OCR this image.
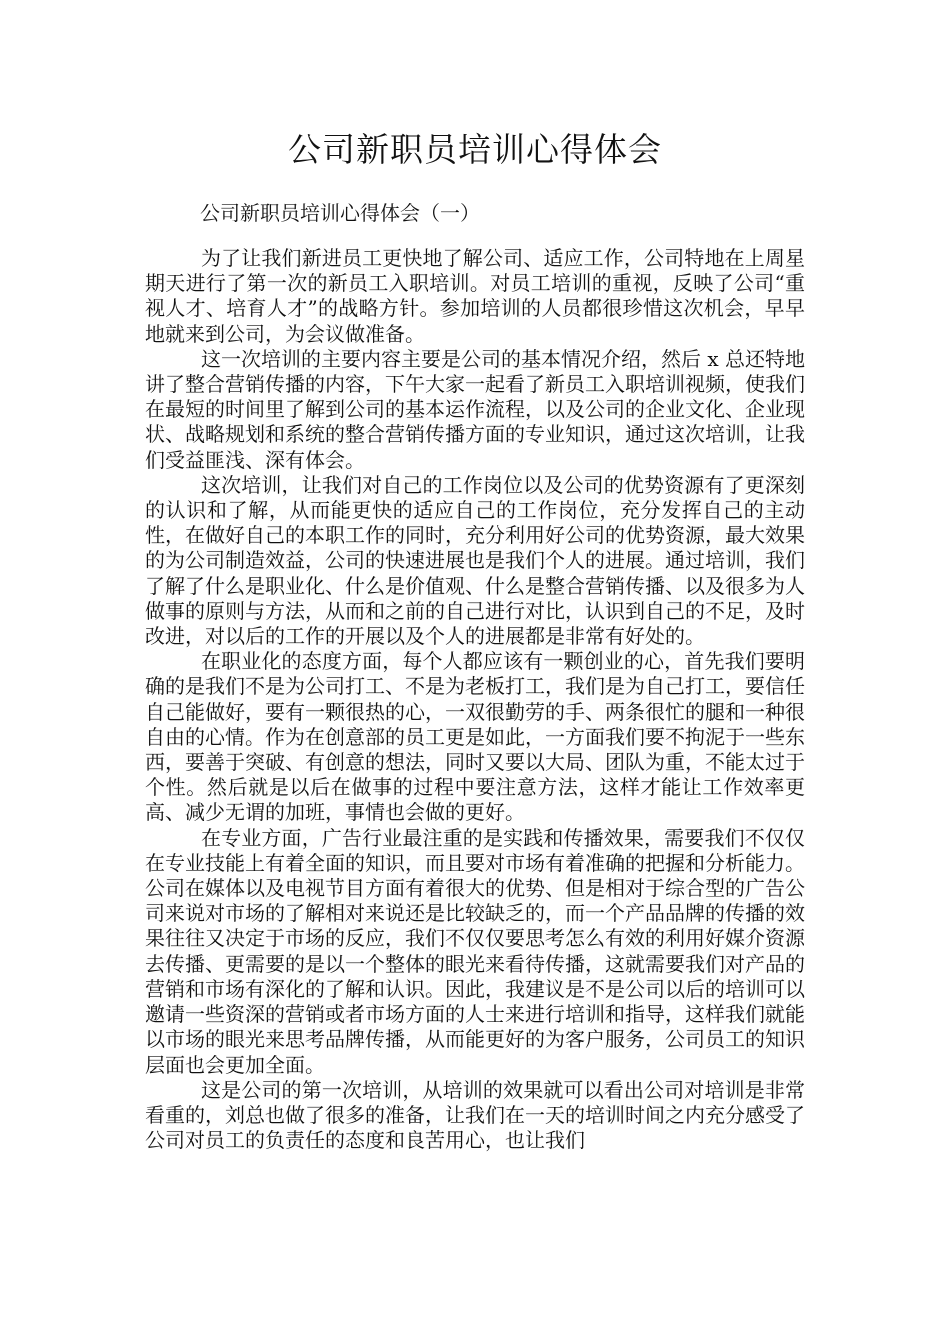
公司新职员培训心得体会
公司新职员培训心得体会（一）

为了让我们新进员工更快地了解公司、适应工作，公司特地在上周星期天进行了第一次的新员工入职培训。对员工培训的重视，反映了公司“重视人才、培育人才”的战略方针。参加培训的人员都很珍惜这次机会，早早地就来到公司，为会议做准备。

这一次培训的主要内容主要是公司的基本情况介绍，然后 x 总还特地讲了整合营销传播的内容，下午大家一起看了新员工入职培训视频，使我们在最短的时间里了解到公司的基本运作流程，以及公司的企业文化、企业现状、战略规划和系统的整合营销传播方面的专业知识，通过这次培训，让我们受益匪浅、深有体会。

这次培训，让我们对自己的工作岗位以及公司的优势资源有了更深刻的认识和了解，从而能更快的适应自己的工作岗位，充分发挥自己的主动性，在做好自己的本职工作的同时，充分利用好公司的优势资源，最大效果的为公司制造效益，公司的快速进展也是我们个人的进展。通过培训，我们了解了什么是职业化、什么是价值观、什么是整合营销传播、以及很多为人做事的原则与方法，从而和之前的自己进行对比，认识到自己的不足，及时改进，对以后的工作的开展以及个人的进展都是非常有好处的。

在职业化的态度方面，每个人都应该有一颗创业的心，首先我们要明确的是我们不是为公司打工、不是为老板打工，我们是为自己打工，要信任自己能做好，要有一颗很热的心，一双很勤劳的手、两条很忙的腿和一种很自由的心情。作为在创意部的员工更是如此，一方面我们要不拘泥于一些东西，要善于突破、有创意的想法，同时又要以大局、团队为重，不能太过于个性。然后就是以后在做事的过程中要注意方法，这样才能让工作效率更高、减少无谓的加班，事情也会做的更好。

在专业方面，广告行业最注重的是实践和传播效果，需要我们不仅仅在专业技能上有着全面的知识，而且要对市场有着准确的把握和分析能力。公司在媒体以及电视节目方面有着很大的优势、但是相对于综合型的广告公司来说对市场的了解相对来说还是比较缺乏的，而一个产品品牌的传播的效果往往又决定于市场的反应，我们不仅仅要思考怎么有效的利用好媒介资源去传播、更需要的是以一个整体的眼光来看待传播，这就需要我们对产品的营销和市场有深化的了解和认识。因此，我建议是不是公司以后的培训可以邀请一些资深的营销或者市场方面的人士来进行培训和指导，这样我们就能以市场的眼光来思考品牌传播，从而能更好的为客户服务，公司员工的知识层面也会更加全面。

这是公司的第一次培训，从培训的效果就可以看出公司对培训是非常看重的，刘总也做了很多的准备，让我们在一天的培训时间之内充分感受了公司对员工的负责任的态度和良苦用心，也让我们
